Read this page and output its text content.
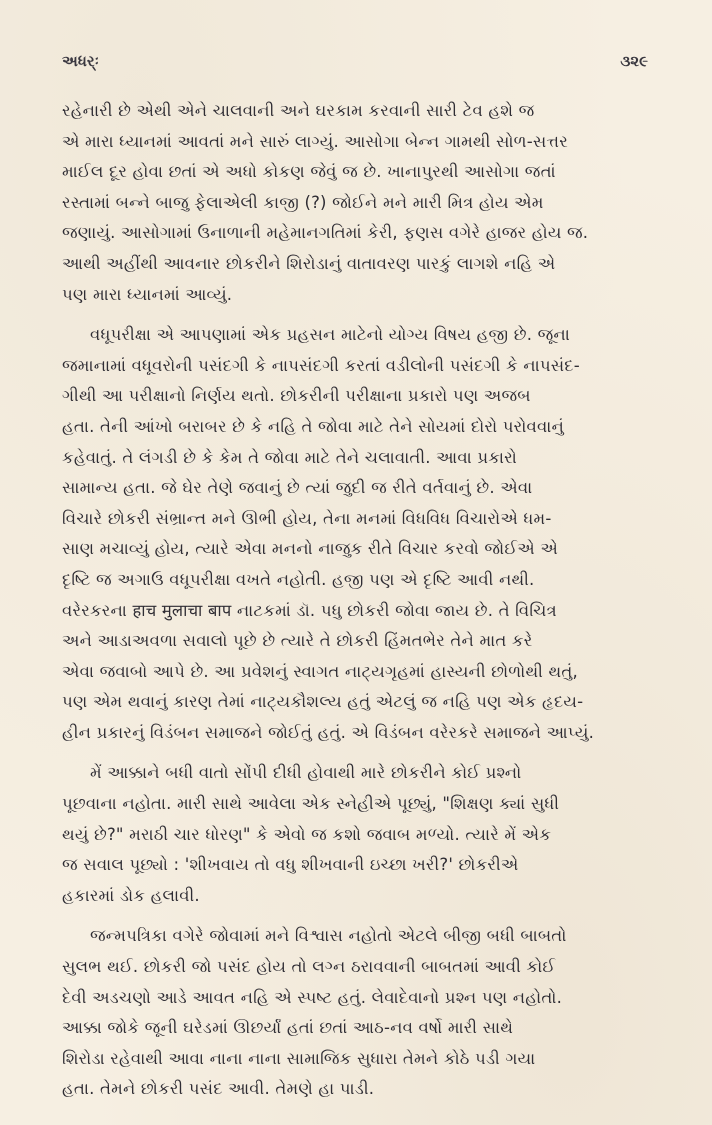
અધર્ઃ	૩૨૯
રહેનારી છે એથી એને ચાલવાની અને ઘરકામ કરવાની સારી ટેવ હશે જ
એ મારા ધ્યાનમાં આવતાં મને સારું લાગ્યું. આસોગા બેન્ન ગામથી સોળ-સત્તર
માઈલ દૂર હોવા છતાં એ અધો કોકણ જેવું જ છે. ખાનાપુરથી આસોગા જતાં
રસ્તામાં બન્ને બાજુ ફેલાએલી કાજી (?) જોઈને મને મારી મિત્ર હોય એમ
જણાયું. આસોગામાં ઉનાળાની મહેમાનગતિમાં કેરી, ફણસ વગેરે હાજર હોય જ.
આથી અહીંથી આવનાર છોકરીને શિરોડાનું વાતાવરણ પારકું લાગશે નહિ એ
પણ મારા ધ્યાનમાં આવ્યું.
વધૂપરીક્ષા એ આપણામાં એક પ્રહસન માટેનો યોગ્ય વિષય હજી છે. જૂના
જમાનામાં વધૂવરોની પસંદગી કે નાપસંદગી કરતાં વડીલોની પસંદગી કે નાપસંદ-
ગીથી આ પરીક્ષાનો નિર્ણય થતો. છોકરીની પરીક્ષાના પ્રકારો પણ અજબ
હતા. તેની આંખો બરાબર છે કે નહિ તે જોવા માટે તેને સોયમાં દોરો પરોવવાનું
કહેવાતું. તે લંગડી છે કે કેમ તે જોવા માટે તેને ચલાવાતી. આવા પ્રકારો
સામાન્ય હતા. જે ઘેર તેણે જવાનું છે ત્યાં જુદી જ રીતે વર્તવાનું છે. એવા
વિચારે છોકરી સંભ્રાન્ત મને ઊભી હોય, તેના મનમાં વિધવિધ વિચારોએ ધમ-
સાણ મચાવ્યું હોય, ત્યારે એવા મનનો નાજુક રીતે વિચાર કરવો જોઈએ એ
દૃષ્ટિ જ અગાઉ વધૂપરીક્ષા વખતે નહોતી. હજી પણ એ દૃષ્ટિ આવી નથી.
વરેરકરના हाच मुलाचा बाप નાટકમાં ડૉ. પધુ છોકરી જોવા જાય છે. તે વિચિત્ર
અને આડાઅવળા સવાલો પૂછે છે ત્યારે તે છોકરી હિંમતભેર તેને માત કરે
એવા જવાબો આપે છે. આ પ્રવેશનું સ્વાગત નાટ્યગૃહમાં હાસ્યની છોળોથી થતું,
પણ એમ થવાનું કારણ તેમાં નાટ્યકૌશલ્ય હતું એટલું જ નહિ પણ એક હૃદય-
હીન પ્રકારનું વિડંબન સમાજને જોઈતું હતું. એ વિડંબન વરેરકરે સમાજને આપ્યું.
મેં આક્કાને બધી વાતો સોંપી દીધી હોવાથી મારે છોકરીને કોઈ પ્રશ્નો
પૂછવાના નહોતા. મારી સાથે આવેલા એક સ્નેહીએ પૂછ્યું, "શિક્ષણ ક્યાં સુધી
થયું છે?" મરાઠી ચાર ધોરણ" કે એવો જ કશો જવાબ મળ્યો. ત્યારે મેં એક
જ સવાલ પૂછ્યો : 'શીખવાય તો વધુ શીખવાની ઇચ્છા ખરી?' છોકરીએ
હકારમાં ડોક હલાવી.
જન્મપત્રિકા વગેરે જોવામાં મને વિશ્વાસ નહોતો એટલે બીજી બધી બાબતો
સુલભ થઈ. છોકરી જો પસંદ હોય તો લગ્ન ઠરાવવાની બાબતમાં આવી કોઈ
દેવી અડચણો આડે આવત નહિ એ સ્પષ્ટ હતું. લેવાદેવાનો પ્રશ્ન પણ નહોતો.
આક્કા જોકે જૂની ઘરેડમાં ઊછર્યાં હતાં છતાં આઠ-નવ વર્ષો મારી સાથે
શિરોડા રહેવાથી આવા નાના નાના સામાજિક સુધારા તેમને કોઠે પડી ગયા
હતા. તેમને છોકરી પસંદ આવી. તેમણે હા પાડી.
